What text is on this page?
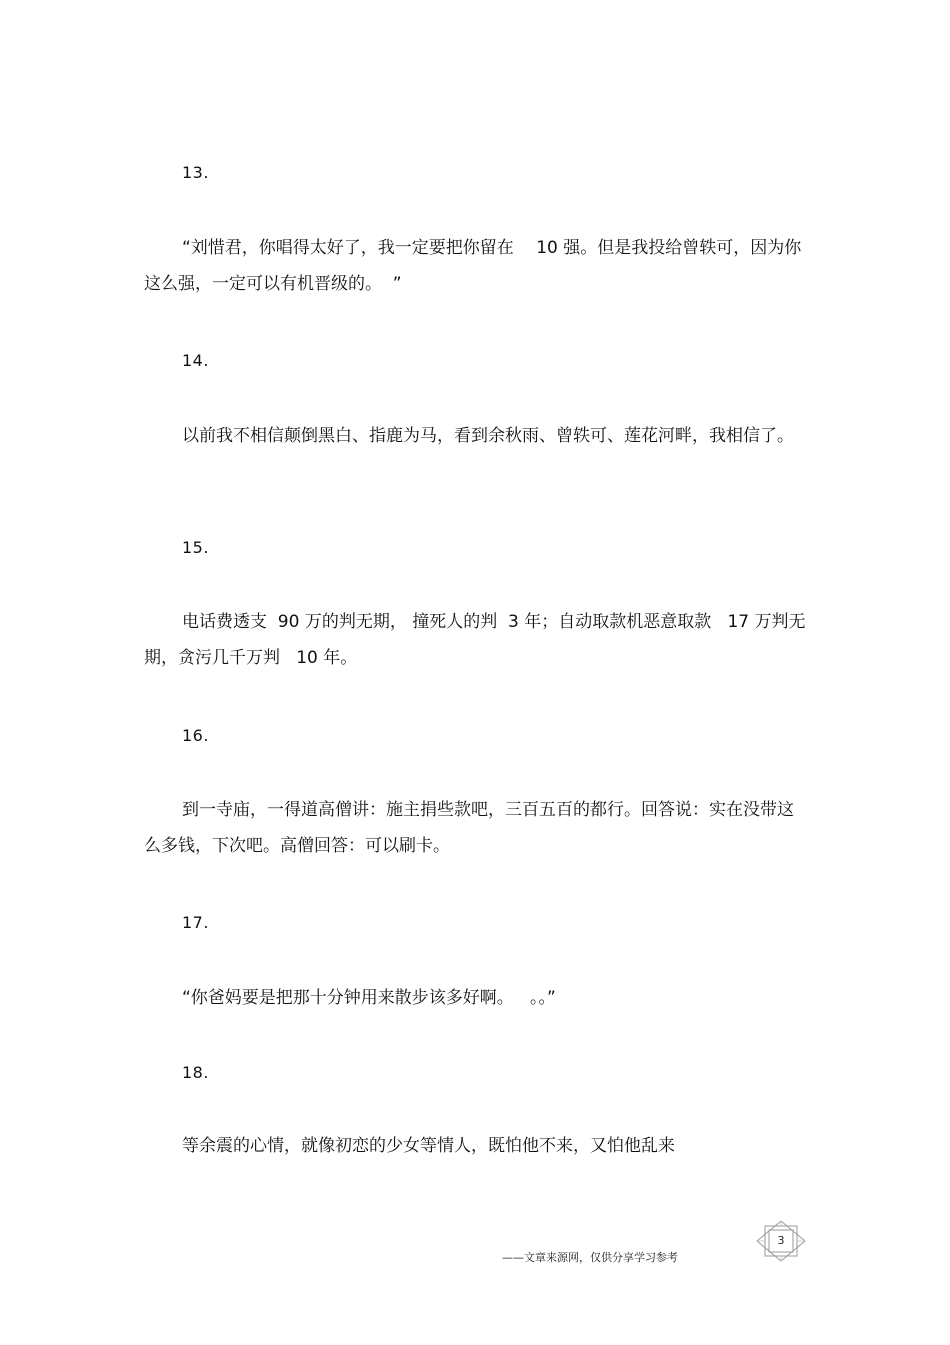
13.
“刘惜君，你唱得太好了，我一定要把你留在　 10 强。但是我投给曾轶可，因为你这么强，一定可以有机晋级的。  ”
14.
以前我不相信颠倒黑白、指鹿为马，看到余秋雨、曾轶可、莲花河畔，我相信了。
15.
电话费透支  90 万的判无期， 撞死人的判  3 年；自动取款机恶意取款   17 万判无期，贪污几千万判   10 年。
16.
到一寺庙，一得道高僧讲：施主捐些款吧，三百五百的都行。回答说：实在没带这么多钱，下次吧。高僧回答：可以刷卡。
17.
“你爸妈要是把那十分钟用来散步该多好啊。   。。”
18.
等余震的心情，就像初恋的少女等情人，既怕他不来，又怕他乱来
——文章来源网，仅供分享学习参考
3
